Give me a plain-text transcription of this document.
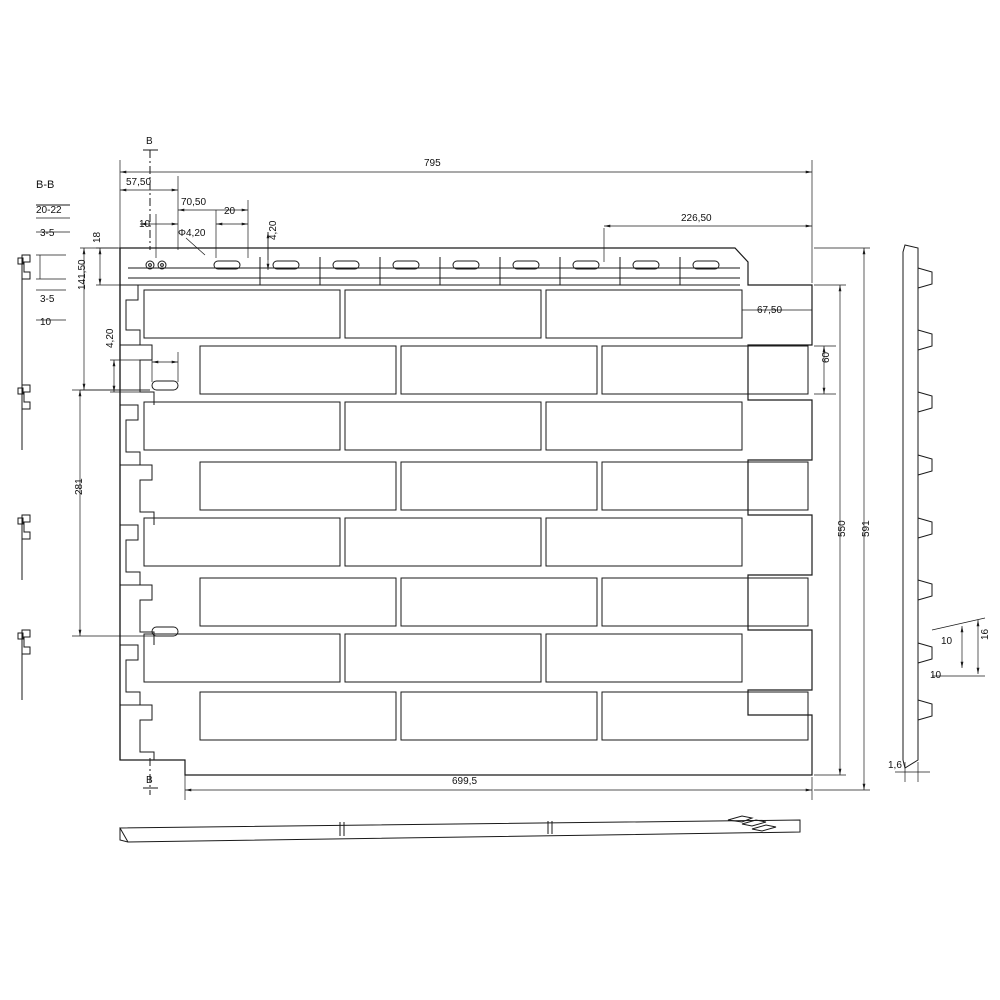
795
57,50
70,50
20
10
Φ4,20	4,20
226,50
18
141,50
4,20
281
67,50
60
550 591
699,5
B-B
20-22
3-5
3-5
10
B
B
10
16
10
1,6
